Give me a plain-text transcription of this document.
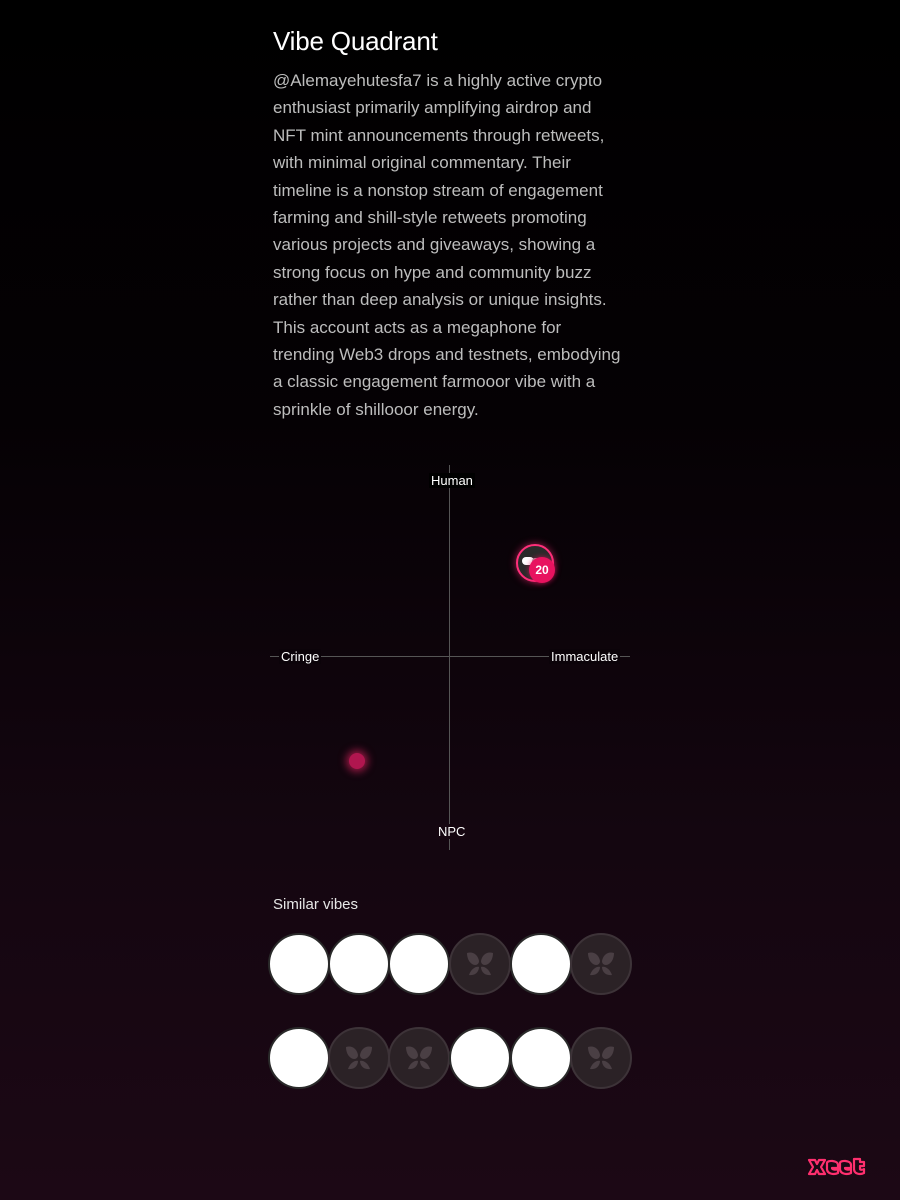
Vibe Quadrant

@Alemayehutesfa7 is a highly active crypto enthusiast primarily amplifying airdrop and NFT mint announcements through retweets, with minimal original commentary. Their timeline is a nonstop stream of engagement farming and shill-style retweets promoting various projects and giveaways, showing a strong focus on hype and community buzz rather than deep analysis or unique insights. This account acts as a megaphone for trending Web3 drops and testnets, embodying a classic engagement farmooor vibe with a sprinkle of shillooor energy.

Human
NPC
Cringe	Immaculate
20

Similar vibes
